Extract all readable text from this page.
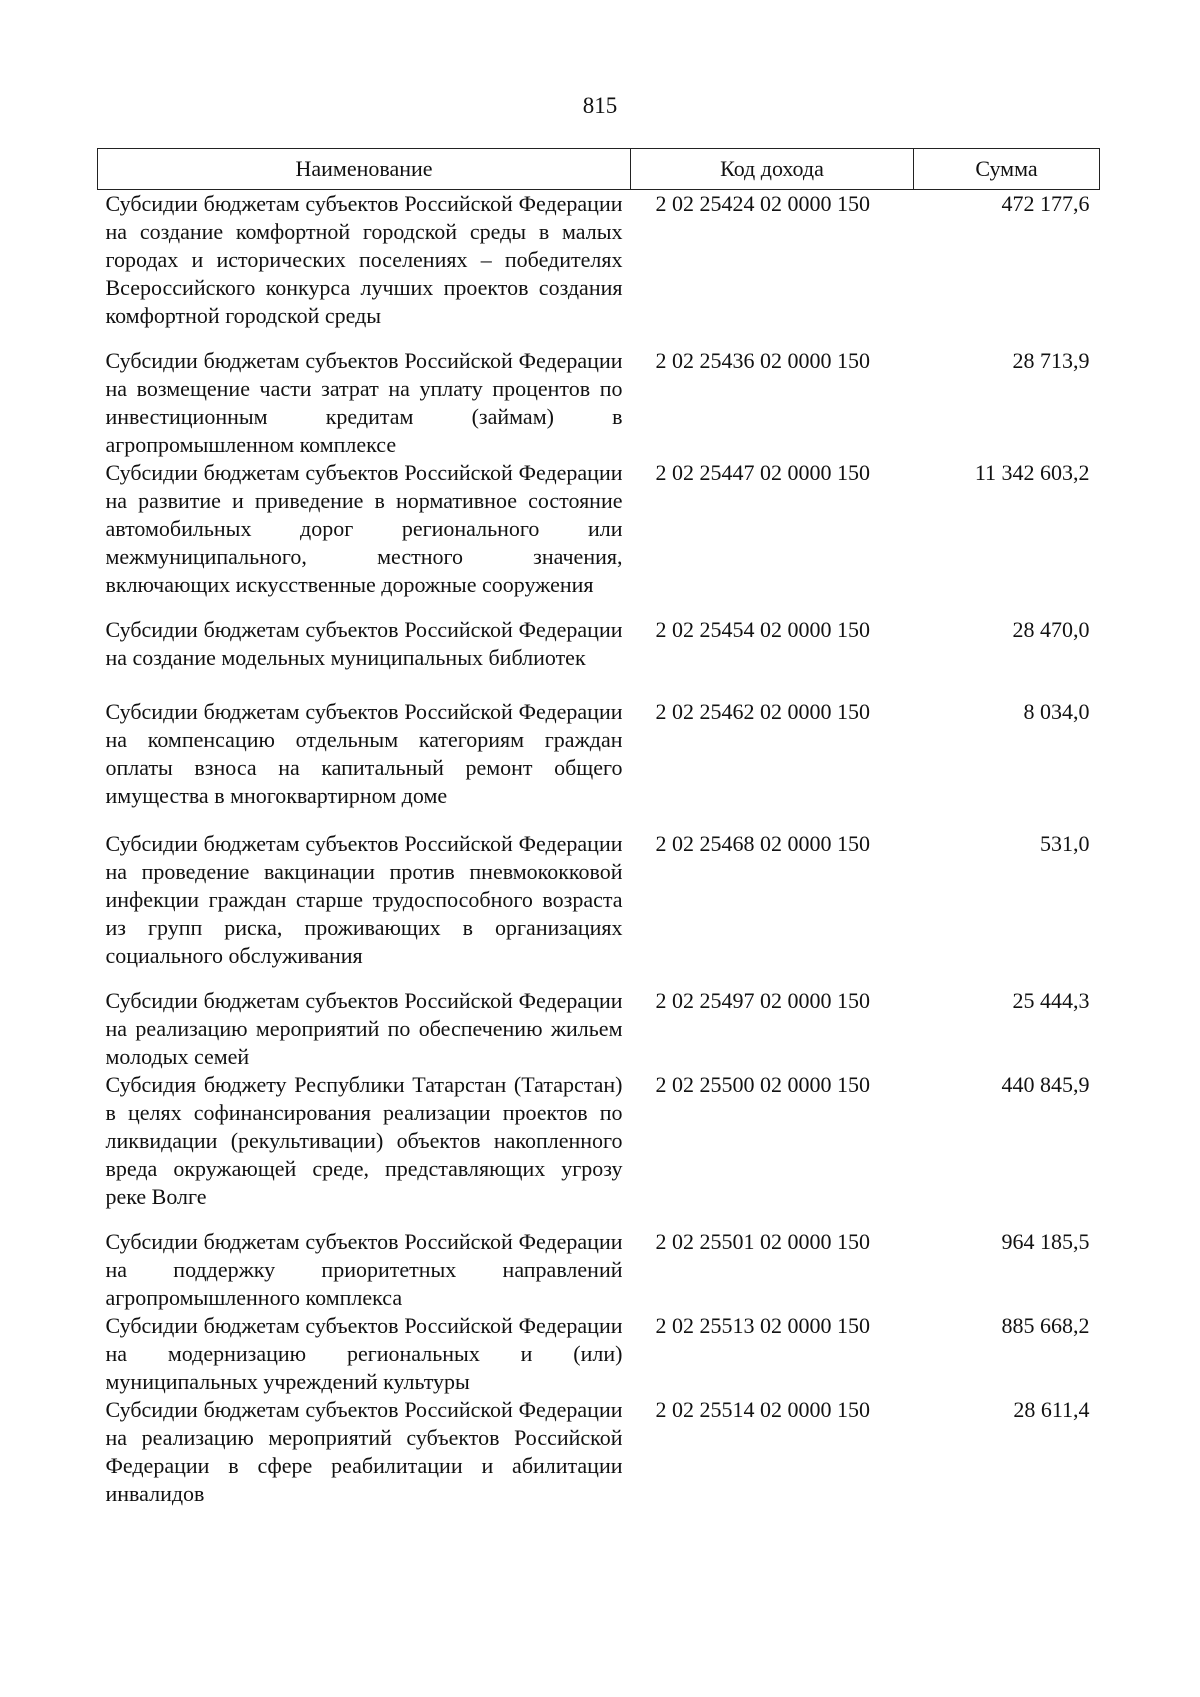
815
Наименование	Код дохода	Сумма
Субсидии бюджетам субъектов Российской Федерации на создание комфортной городской среды в малых городах и исторических поселениях – победителях Всероссийского конкурса лучших проектов создания комфортной городской среды	2 02 25424 02 0000 150	472 177,6
Субсидии бюджетам субъектов Российской Федерации на возмещение части затрат на уплату процентов по инвестиционным кредитам (займам) в агропромышленном комплексе	2 02 25436 02 0000 150	28 713,9
Субсидии бюджетам субъектов Российской Федерации на развитие и приведение в нормативное состояние автомобильных дорог регионального или межмуниципального, местного значения, включающих искусственные дорожные сооружения	2 02 25447 02 0000 150	11 342 603,2
Субсидии бюджетам субъектов Российской Федерации на создание модельных муниципальных библиотек	2 02 25454 02 0000 150	28 470,0
Субсидии бюджетам субъектов Российской Федерации на компенсацию отдельным категориям граждан оплаты взноса на капитальный ремонт общего имущества в многоквартирном доме	2 02 25462 02 0000 150	8 034,0
Субсидии бюджетам субъектов Российской Федерации на проведение вакцинации против пневмококковой инфекции граждан старше трудоспособного возраста из групп риска, проживающих в организациях социального обслуживания	2 02 25468 02 0000 150	531,0
Субсидии бюджетам субъектов Российской Федерации на реализацию мероприятий по обеспечению жильем молодых семей	2 02 25497 02 0000 150	25 444,3
Субсидия бюджету Республики Татарстан (Татарстан) в целях софинансирования реализации проектов по ликвидации (рекультивации) объектов накопленного вреда окружающей среде, представляющих угрозу реке Волге	2 02 25500 02 0000 150	440 845,9
Субсидии бюджетам субъектов Российской Федерации на поддержку приоритетных направлений агропромышленного комплекса	2 02 25501 02 0000 150	964 185,5
Субсидии бюджетам субъектов Российской Федерации на модернизацию региональных и (или) муниципальных учреждений культуры	2 02 25513 02 0000 150	885 668,2
Субсидии бюджетам субъектов Российской Федерации на реализацию мероприятий субъектов Российской Федерации в сфере реабилитации и абилитации инвалидов	2 02 25514 02 0000 150	28 611,4
